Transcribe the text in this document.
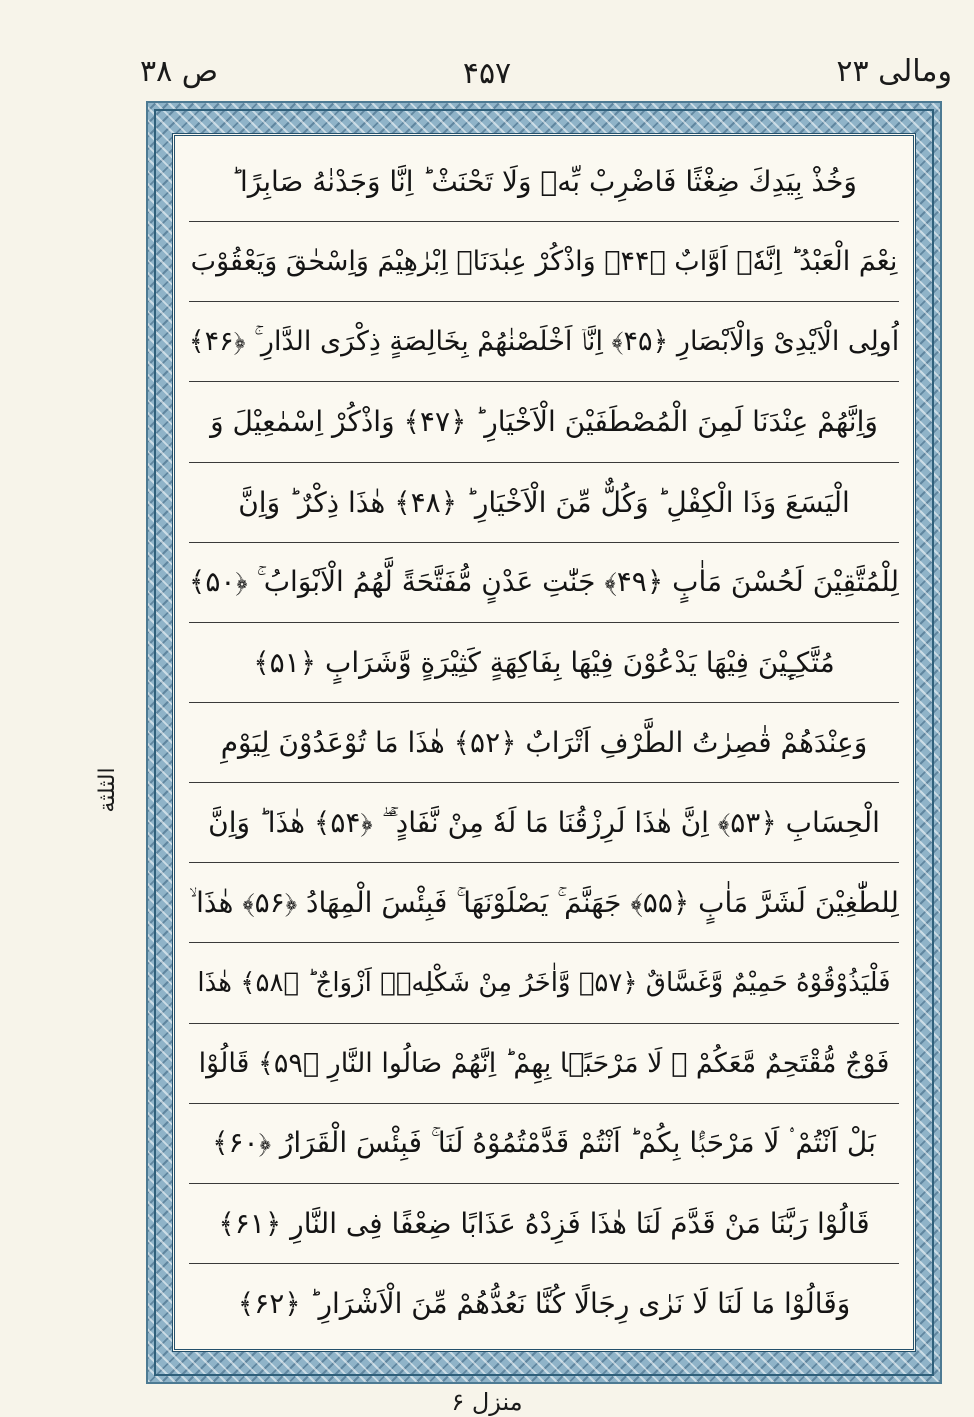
ص ۳۸	۴۵۷	ومالى ۲۳
وَخُذْ بِيَدِكَ ضِغْثًا فَاضْرِبْ بِّهٖ وَلَا تَحْنَثْ ؕ اِنَّا وَجَدْنٰهُ صَابِرًا ؕ
نِعْمَ الْعَبْدُ ؕ اِنَّهٗۤ اَوَّابٌ ﴿۴۴﴾ وَاذْكُرْ عِبٰدَنَاۤ اِبْرٰهِيْمَ وَاِسْحٰقَ وَيَعْقُوْبَ
اُولِى الْاَيْدِىْ وَالْاَبْصَارِ ﴿۴۵﴾ اِنَّاۤ اَخْلَصْنٰهُمْ بِخَالِصَةٍ ذِكْرَى الدَّارِ ۚ ﴿۴۶﴾
وَاِنَّهُمْ عِنْدَنَا لَمِنَ الْمُصْطَفَيْنَ الْاَخْيَارِ ؕ ﴿۴۷﴾ وَاذْكُرْ اِسْمٰعِيْلَ وَ
الْيَسَعَ وَذَا الْكِفْلِ ؕ وَكُلٌّ مِّنَ الْاَخْيَارِ ؕ ﴿۴۸﴾ هٰذَا ذِكْرٌ ؕ وَاِنَّ
لِلْمُتَّقِيْنَ لَحُسْنَ مَاٰبٍ ﴿۴۹﴾ جَنّٰتِ عَدْنٍ مُّفَتَّحَةً لَّهُمُ الْاَبْوَابُ ۚ ﴿۵۰﴾
مُتَّكِـِٕيْنَ فِيْهَا يَدْعُوْنَ فِيْهَا بِفَاكِهَةٍ كَثِيْرَةٍ وَّشَرَابٍ ﴿۵۱﴾
وَعِنْدَهُمْ قٰصِرٰتُ الطَّرْفِ اَتْرَابٌ ﴿۵۲﴾ هٰذَا مَا تُوْعَدُوْنَ لِيَوْمِ
الْحِسَابِ ﴿۵۳﴾ اِنَّ هٰذَا لَرِزْقُنَا مَا لَهٗ مِنْ نَّفَادٍ ۚ ۖ ﴿۵۴﴾ هٰذَا ؕ وَاِنَّ
لِلطّٰغِيْنَ لَشَرَّ مَاٰبٍ ﴿۵۵﴾ جَهَنَّمَ ۚ يَصْلَوْنَهَا ۚ فَبِئْسَ الْمِهَادُ ﴿۵۶﴾ هٰذَا ۙ
فَلْيَذُوْقُوْهُ حَمِيْمٌ وَّغَسَّاقٌ ﴿۵۷﴾ وَّاٰخَرُ مِنْ شَكْلِهٖۤ اَزْوَاجٌ ؕ ﴿۵۸﴾ هٰذَا
فَوْجٌ مُّقْتَحِمٌ مَّعَكُمْ ۚ لَا مَرْحَبًۢا بِهِمْ ؕ اِنَّهُمْ صَالُوا النَّارِ ﴿۵۹﴾ قَالُوْا
بَلْ اَنْتُمْ ۟ لَا مَرْحَبًۢا بِكُمْ ؕ اَنْتُمْ قَدَّمْتُمُوْهُ لَنَا ۚ فَبِئْسَ الْقَرَارُ ﴿۶۰﴾
قَالُوْا رَبَّنَا مَنْ قَدَّمَ لَنَا هٰذَا فَزِدْهُ عَذَابًا ضِعْفًا فِى النَّارِ ﴿۶۱﴾
وَقَالُوْا مَا لَنَا لَا نَرٰى رِجَالًا كُنَّا نَعُدُّهُمْ مِّنَ الْاَشْرَارِ ؕ ﴿۶۲﴾
الثلثة
منزل ۶
